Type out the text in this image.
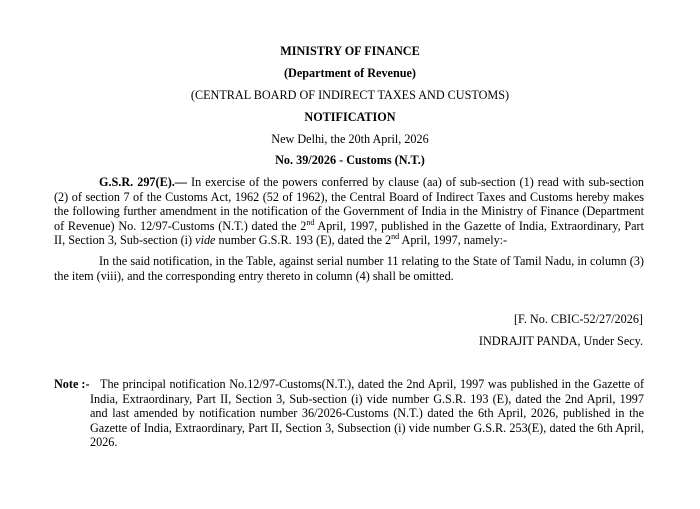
MINISTRY OF FINANCE
(Department of Revenue)
(CENTRAL BOARD OF INDIRECT TAXES AND CUSTOMS)
NOTIFICATION
New Delhi, the 20th April, 2026
No. 39/2026 - Customs (N.T.)
G.S.R. 297(E).— In exercise of the powers conferred by clause (aa) of sub-section (1) read with sub-section (2) of section 7 of the Customs Act, 1962 (52 of 1962), the Central Board of Indirect Taxes and Customs hereby makes the following further amendment in the notification of the Government of India in the Ministry of Finance (Department of Revenue) No. 12/97-Customs (N.T.) dated the 2nd April, 1997, published in the Gazette of India, Extraordinary, Part II, Section 3, Sub-section (i) vide number G.S.R. 193 (E), dated the 2nd April, 1997, namely:-
In the said notification, in the Table, against serial number 11 relating to the State of Tamil Nadu, in column (3) the item (viii), and the corresponding entry thereto in column (4) shall be omitted.
[F. No. CBIC-52/27/2026]
INDRAJIT PANDA, Under Secy.
Note :- The principal notification No.12/97-Customs(N.T.), dated the 2nd April, 1997 was published in the Gazette of India, Extraordinary, Part II, Section 3, Sub-section (i) vide number G.S.R. 193 (E), dated the 2nd April, 1997 and last amended by notification number 36/2026-Customs (N.T.) dated the 6th April, 2026, published in the Gazette of India, Extraordinary, Part II, Section 3, Subsection (i) vide number G.S.R. 253(E), dated the 6th April, 2026.
